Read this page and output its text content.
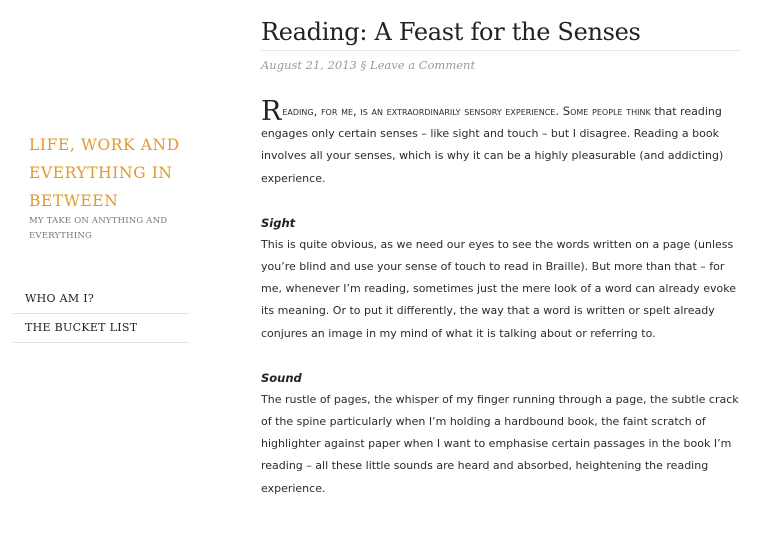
LIFE, WORK AND EVERYTHING IN BETWEEN
MY TAKE ON ANYTHING AND EVERYTHING
WHO AM I?
THE BUCKET LIST
Reading: A Feast for the Senses
August 21, 2013 § Leave a Comment

Reading, for me, is an extraordinarily sensory experience. Some people think that reading engages only certain senses – like sight and touch – but I disagree. Reading a book involves all your senses, which is why it can be a highly pleasurable (and addicting) experience.

Sight

This is quite obvious, as we need our eyes to see the words written on a page (unless you’re blind and use your sense of touch to read in Braille). But more than that – for me, whenever I’m reading, sometimes just the mere look of a word can already evoke its meaning. Or to put it differently, the way that a word is written or spelt already conjures an image in my mind of what it is talking about or referring to.

Sound

The rustle of pages, the whisper of my finger running through a page, the subtle crack of the spine particularly when I’m holding a hardbound book, the faint scratch of highlighter against paper when I want to emphasise certain passages in the book I’m reading – all these little sounds are heard and absorbed, heightening the reading experience.
